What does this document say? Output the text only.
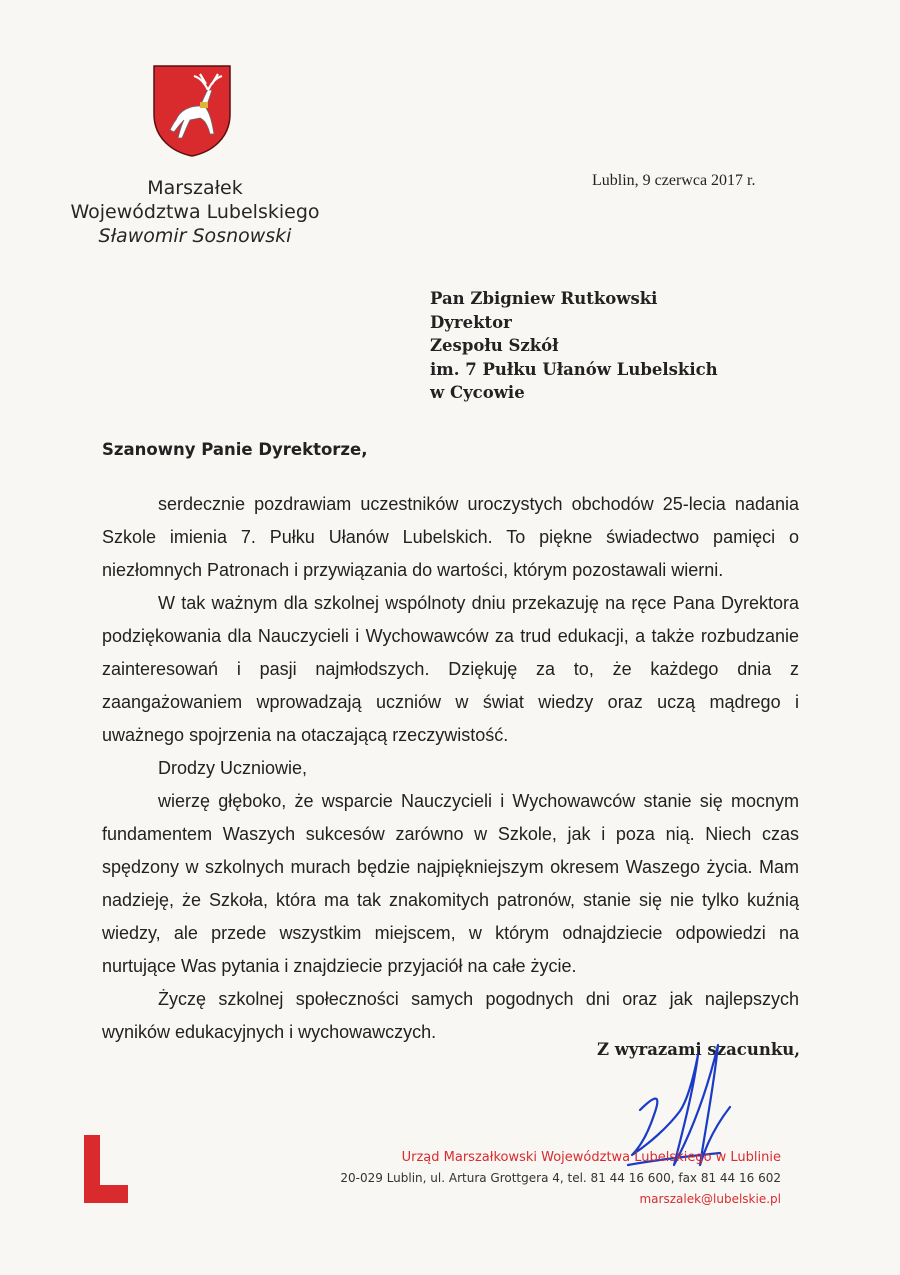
Marszałek
Województwa Lubelskiego
Sławomir Sosnowski
Lublin, 9 czerwca 2017 r.
Pan Zbigniew Rutkowski
Dyrektor
Zespołu Szkół
im. 7 Pułku Ułanów Lubelskich
w Cycowie
Szanowny Panie Dyrektorze,

serdecznie pozdrawiam uczestników uroczystych obchodów 25-lecia nadania Szkole imienia 7. Pułku Ułanów Lubelskich. To piękne świadectwo pamięci o niezłomnych Patronach i przywiązania do wartości, którym pozostawali wierni.

W tak ważnym dla szkolnej wspólnoty dniu przekazuję na ręce Pana Dyrektora podziękowania dla Nauczycieli i Wychowawców za trud edukacji, a także rozbudzanie zainteresowań i pasji najmłodszych. Dziękuję za to, że każdego dnia z zaangażowaniem wprowadzają uczniów w świat wiedzy oraz uczą mądrego i uważnego spojrzenia na otaczającą rzeczywistość.

Drodzy Uczniowie,

wierzę głęboko, że wsparcie Nauczycieli i Wychowawców stanie się mocnym fundamentem Waszych sukcesów zarówno w Szkole, jak i poza nią. Niech czas spędzony w szkolnych murach będzie najpiękniejszym okresem Waszego życia. Mam nadzieję, że Szkoła, która ma tak znakomitych patronów, stanie się nie tylko kuźnią wiedzy, ale przede wszystkim miejscem, w którym odnajdziecie odpowiedzi na nurtujące Was pytania i znajdziecie przyjaciół na całe życie.

Życzę szkolnej społeczności samych pogodnych dni oraz jak najlepszych wyników edukacyjnych i wychowawczych.

Z wyrazami szacunku,
Urząd Marszałkowski Województwa Lubelskiego w Lublinie
20-029 Lublin, ul. Artura Grottgera 4, tel. 81 44 16 600, fax 81 44 16 602
marszalek@lubelskie.pl
